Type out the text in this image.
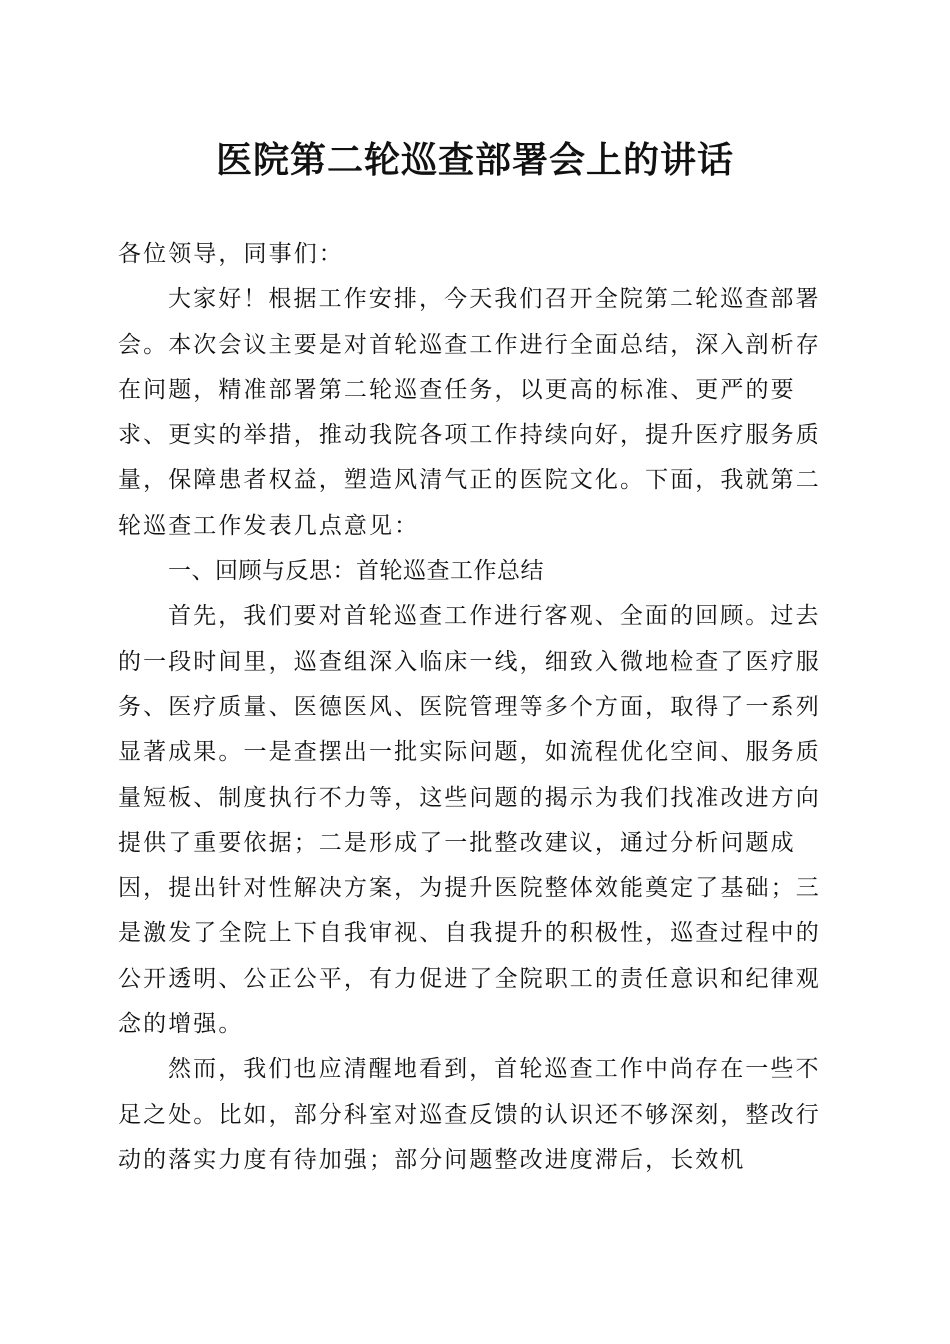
医院第二轮巡查部署会上的讲话

各位领导，同事们：

大家好！根据工作安排，今天我们召开全院第二轮巡查部署会。本次会议主要是对首轮巡查工作进行全面总结，深入剖析存在问题，精准部署第二轮巡查任务，以更高的标准、更严的要求、更实的举措，推动我院各项工作持续向好，提升医疗服务质量，保障患者权益，塑造风清气正的医院文化。下面，我就第二轮巡查工作发表几点意见：

一、回顾与反思：首轮巡查工作总结

首先，我们要对首轮巡查工作进行客观、全面的回顾。过去的一段时间里，巡查组深入临床一线，细致入微地检查了医疗服务、医疗质量、医德医风、医院管理等多个方面，取得了一系列显著成果。一是查摆出一批实际问题，如流程优化空间、服务质量短板、制度执行不力等，这些问题的揭示为我们找准改进方向提供了重要依据；二是形成了一批整改建议，通过分析问题成因，提出针对性解决方案，为提升医院整体效能奠定了基础；三是激发了全院上下自我审视、自我提升的积极性，巡查过程中的公开透明、公正公平，有力促进了全院职工的责任意识和纪律观念的增强。

然而，我们也应清醒地看到，首轮巡查工作中尚存在一些不足之处。比如，部分科室对巡查反馈的认识还不够深刻，整改行动的落实力度有待加强；部分问题整改进度滞后，长效机
